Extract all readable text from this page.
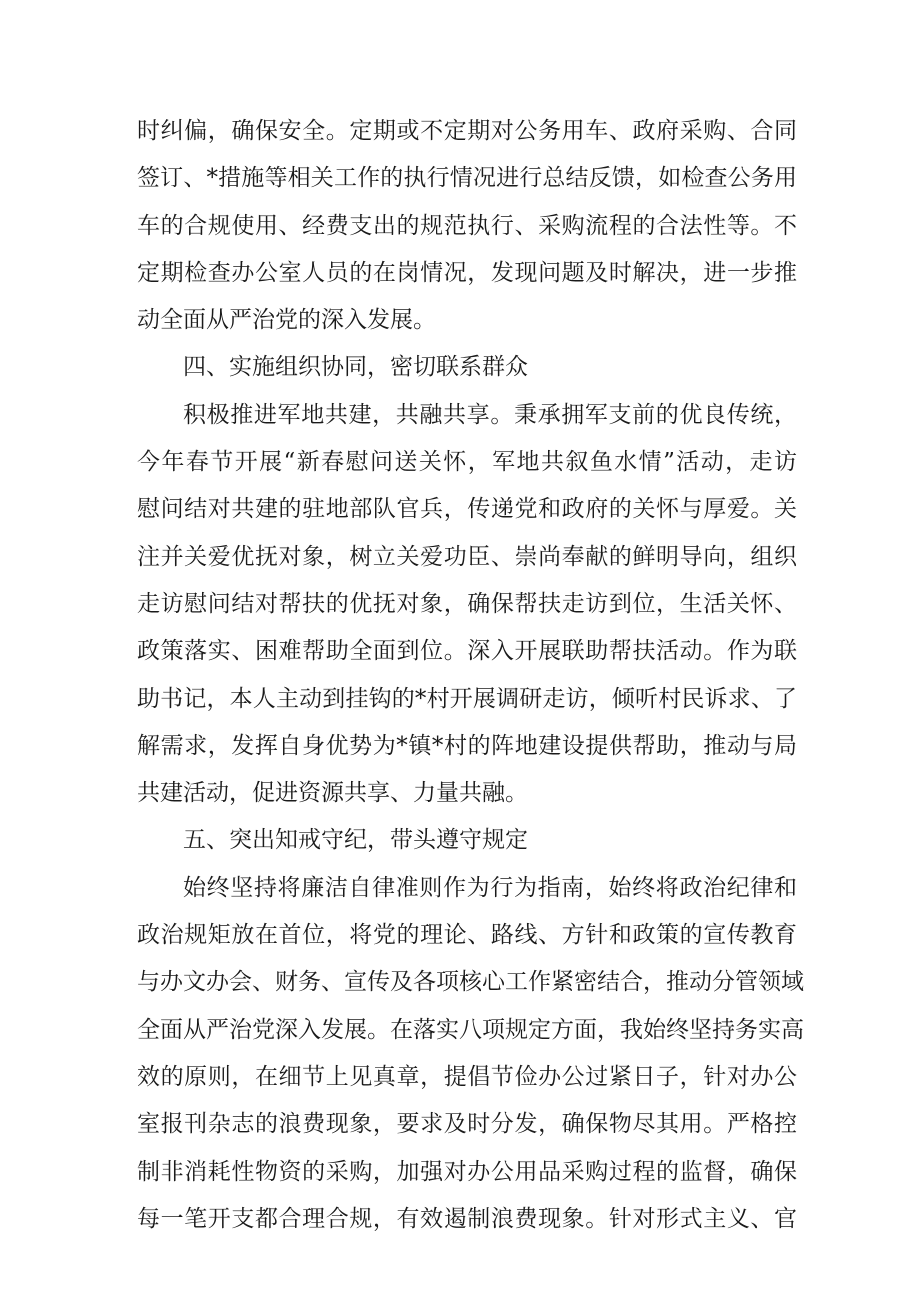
时纠偏，确保安全。定期或不定期对公务用车、政府采购、合同
签订、*措施等相关工作的执行情况进行总结反馈，如检查公务用
车的合规使用、经费支出的规范执行、采购流程的合法性等。不
定期检查办公室人员的在岗情况，发现问题及时解决，进一步推
动全面从严治党的深入发展。
四、实施组织协同，密切联系群众
积极推进军地共建，共融共享。秉承拥军支前的优良传统，
今年春节开展“新春慰问送关怀，军地共叙鱼水情”活动，走访
慰问结对共建的驻地部队官兵，传递党和政府的关怀与厚爱。关
注并关爱优抚对象，树立关爱功臣、崇尚奉献的鲜明导向，组织
走访慰问结对帮扶的优抚对象，确保帮扶走访到位，生活关怀、
政策落实、困难帮助全面到位。深入开展联助帮扶活动。作为联
助书记，本人主动到挂钩的*村开展调研走访，倾听村民诉求、了
解需求，发挥自身优势为*镇*村的阵地建设提供帮助，推动与局
共建活动，促进资源共享、力量共融。
五、突出知戒守纪，带头遵守规定
始终坚持将廉洁自律准则作为行为指南，始终将政治纪律和
政治规矩放在首位，将党的理论、路线、方针和政策的宣传教育
与办文办会、财务、宣传及各项核心工作紧密结合，推动分管领域
全面从严治党深入发展。在落实八项规定方面，我始终坚持务实高
效的原则，在细节上见真章，提倡节俭办公过紧日子，针对办公
室报刊杂志的浪费现象，要求及时分发，确保物尽其用。严格控
制非消耗性物资的采购，加强对办公用品采购过程的监督，确保
每一笔开支都合理合规，有效遏制浪费现象。针对形式主义、官
